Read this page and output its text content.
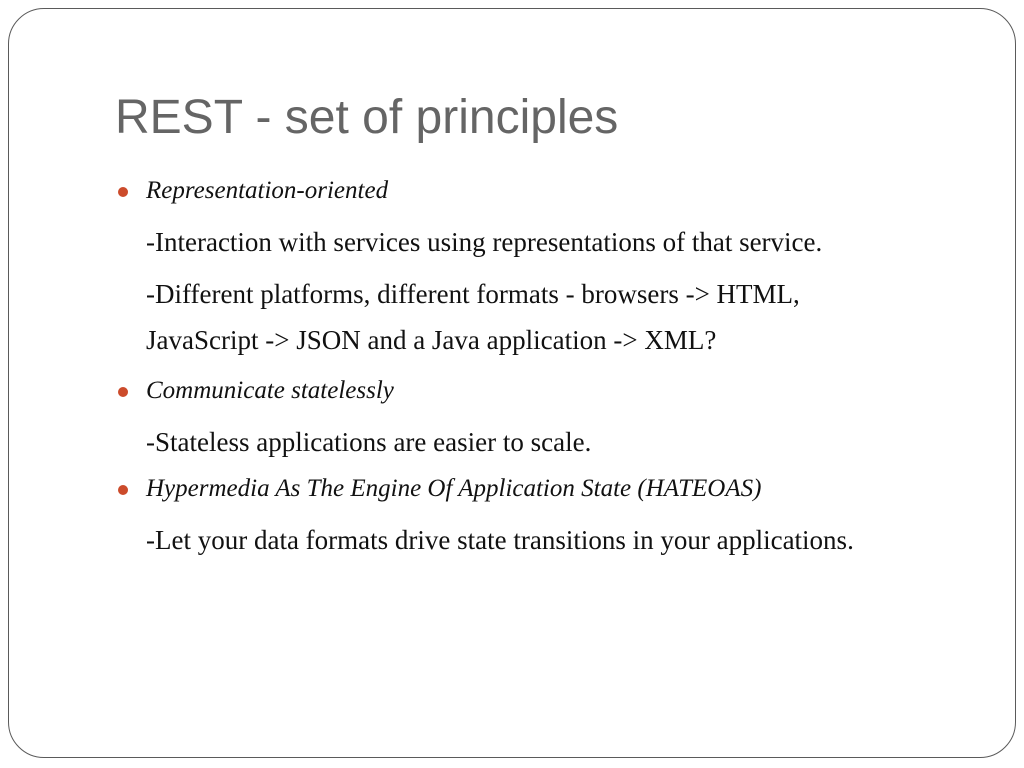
REST - set of principles
Representation-oriented
-Interaction with services using representations of that service.
-Different platforms, different formats - browsers -> HTML,
JavaScript -> JSON and a Java application -> XML?
Communicate statelessly
-Stateless applications are easier to scale.
Hypermedia As The Engine Of Application State (HATEOAS)
-Let your data formats drive state transitions in your applications.
